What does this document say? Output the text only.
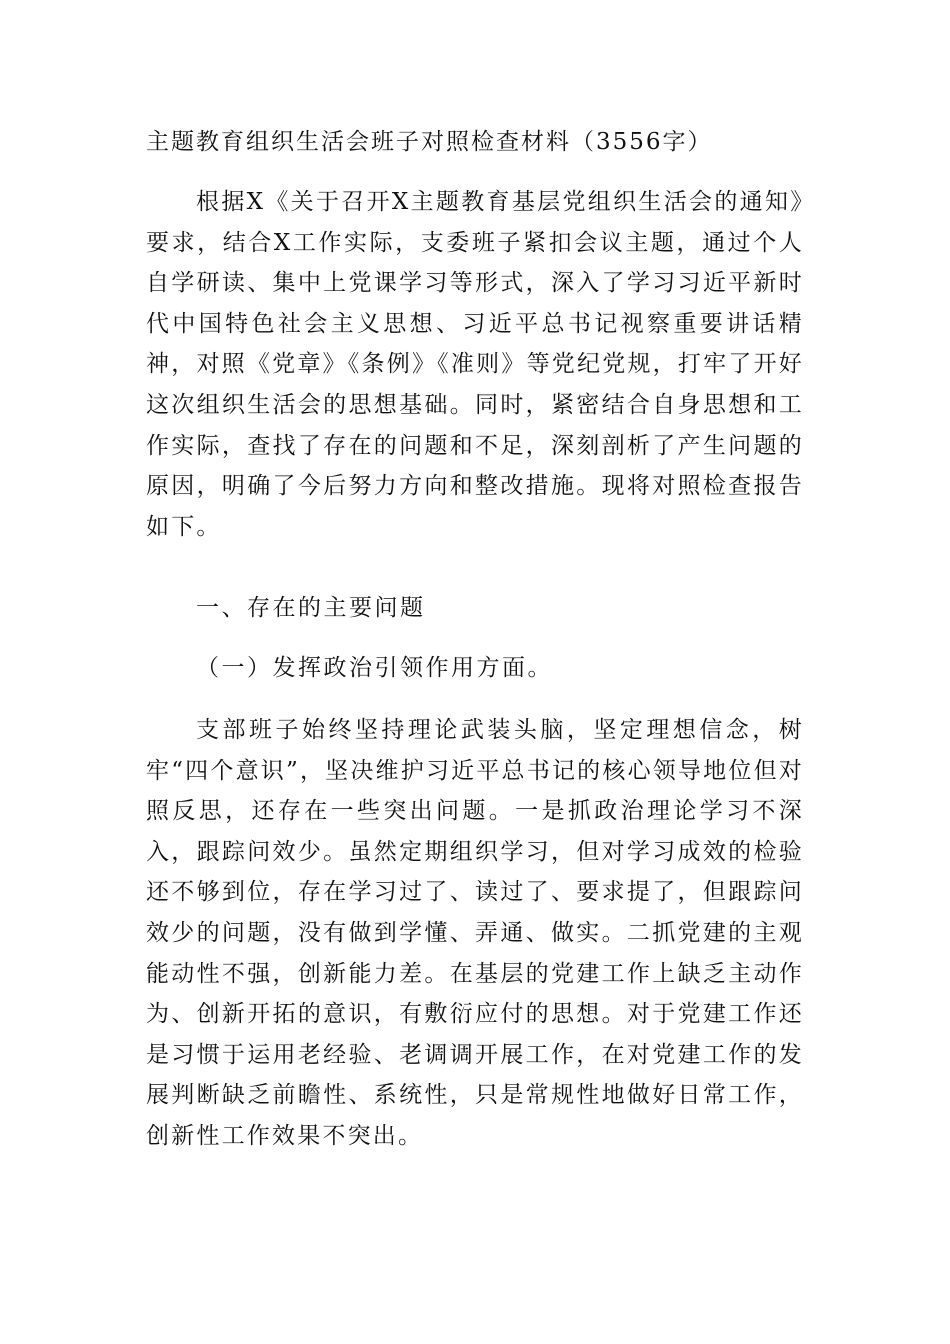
主题教育组织生活会班子对照检查材料（3556字）
根据X《关于召开X主题教育基层党组织生活会的通知》要求，结合X工作实际，支委班子紧扣会议主题，通过个人自学研读、集中上党课学习等形式，深入了学习习近平新时代中国特色社会主义思想、习近平总书记视察重要讲话精神，对照《党章》《条例》《准则》等党纪党规，打牢了开好这次组织生活会的思想基础。同时，紧密结合自身思想和工作实际，查找了存在的问题和不足，深刻剖析了产生问题的原因，明确了今后努力方向和整改措施。现将对照检查报告如下。
一、存在的主要问题
（一）发挥政治引领作用方面。
支部班子始终坚持理论武装头脑，坚定理想信念，树牢“四个意识”，坚决维护习近平总书记的核心领导地位但对照反思，还存在一些突出问题。一是抓政治理论学习不深入，跟踪问效少。虽然定期组织学习，但对学习成效的检验还不够到位，存在学习过了、读过了、要求提了，但跟踪问效少的问题，没有做到学懂、弄通、做实。二抓党建的主观能动性不强，创新能力差。在基层的党建工作上缺乏主动作为、创新开拓的意识，有敷衍应付的思想。对于党建工作还是习惯于运用老经验、老调调开展工作，在对党建工作的发展判断缺乏前瞻性、系统性，只是常规性地做好日常工作，创新性工作效果不突出。
